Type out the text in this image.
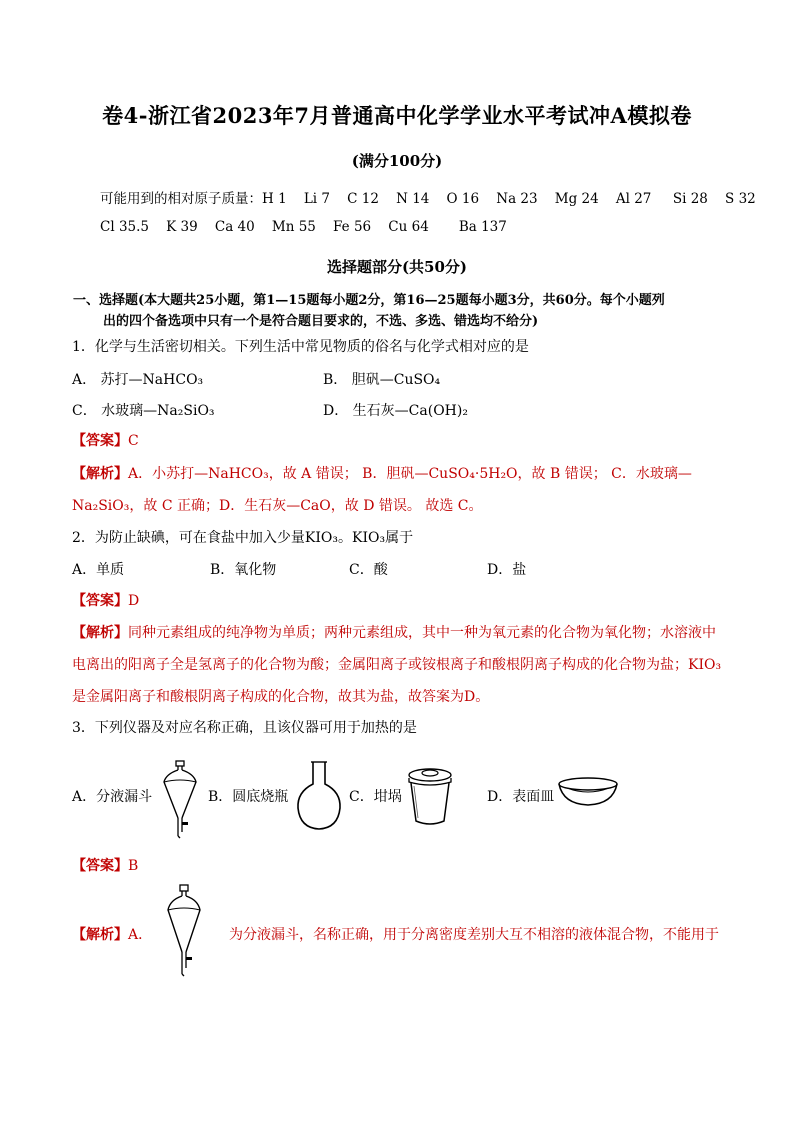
卷4-浙江省2023年7月普通高中化学学业水平考试冲A模拟卷
(满分100分)
可能用到的相对原子质量：H 1    Li 7    C 12    N 14    O 16    Na 23    Mg 24    Al 27     Si 28    S 32
Cl 35.5    K 39    Ca 40    Mn 55    Fe 56    Cu 64       Ba 137
选择题部分(共50分)
一、选择题(本大题共25小题，第1—15题每小题2分，第16—25题每小题3分，共60分。每个小题列
出的四个备选项中只有一个是符合题目要求的，不选、多选、错选均不给分)
1．化学与生活密切相关。下列生活中常见物质的俗名与化学式相对应的是
A． 苏打—NaHCO₃	B． 胆矾—CuSO₄
C． 水玻璃—Na₂SiO₃	D． 生石灰—Ca(OH)₂
【答案】C
【解析】A．小苏打—NaHCO₃，故 A 错误； B．胆矾—CuSO₄·5H₂O，故 B 错误； C．水玻璃—
Na₂SiO₃，故 C 正确；D．生石灰—CaO，故 D 错误。 故选 C。
2．为防止缺碘，可在食盐中加入少量KIO₃。KIO₃属于
A．单质	B．氧化物	C．酸	D．盐
【答案】D
【解析】同种元素组成的纯净物为单质；两种元素组成，其中一种为氧元素的化合物为氧化物；水溶液中
电离出的阳离子全是氢离子的化合物为酸；金属阳离子或铵根离子和酸根阴离子构成的化合物为盐；KIO₃
是金属阳离子和酸根阴离子构成的化合物，故其为盐，故答案为D。
3．下列仪器及对应名称正确，且该仪器可用于加热的是
A．分液漏斗	B．圆底烧瓶	C．坩埚	D．表面皿
【答案】B
【解析】A．	为分液漏斗，名称正确，用于分离密度差别大互不相溶的液体混合物，不能用于
